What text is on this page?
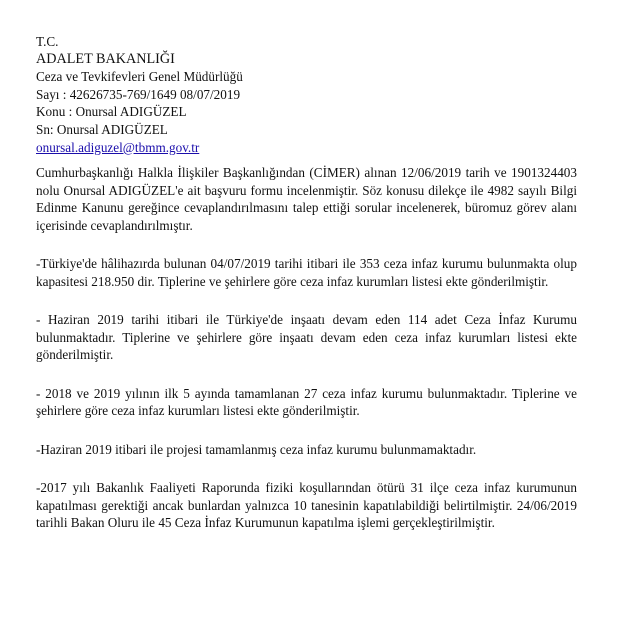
T.C.
ADALET BAKANLIĞI
Ceza ve Tevkifevleri Genel Müdürlüğü
Sayı : 42626735-769/1649 08/07/2019
Konu : Onursal ADIGÜZEL
Sn: Onursal ADIGÜZEL
onursal.adiguzel@tbmm.gov.tr

Cumhurbaşkanlığı Halkla İlişkiler Başkanlığından (CİMER) alınan 12/06/2019 tarih ve 1901324403 nolu Onursal ADIGÜZEL'e ait başvuru formu incelenmiştir. Söz konusu dilekçe ile 4982 sayılı Bilgi Edinme Kanunu gereğince cevaplandırılmasını talep ettiği sorular incelenerek, büromuz görev alanı içerisinde cevaplandırılmıştır.

-Türkiye'de hâlihazırda bulunan 04/07/2019 tarihi itibari ile 353 ceza infaz kurumu bulunmakta olup kapasitesi 218.950 dir. Tiplerine ve şehirlere göre ceza infaz kurumları listesi ekte gönderilmiştir.

- Haziran 2019 tarihi itibari ile Türkiye'de inşaatı devam eden 114 adet Ceza İnfaz Kurumu bulunmaktadır. Tiplerine ve şehirlere göre inşaatı devam eden ceza infaz kurumları listesi ekte gönderilmiştir.

- 2018 ve 2019 yılının ilk 5 ayında tamamlanan 27 ceza infaz kurumu bulunmaktadır. Tiplerine ve şehirlere göre ceza infaz kurumları listesi ekte gönderilmiştir.

-Haziran 2019 itibari ile projesi tamamlanmış ceza infaz kurumu bulunmamaktadır.

-2017 yılı Bakanlık Faaliyeti Raporunda fiziki koşullarından ötürü 31 ilçe ceza infaz kurumunun kapatılması gerektiği ancak bunlardan yalnızca 10 tanesinin kapatılabildiği belirtilmiştir. 24/06/2019 tarihli Bakan Oluru ile 45 Ceza İnfaz Kurumunun kapatılma işlemi gerçekleştirilmiştir.
